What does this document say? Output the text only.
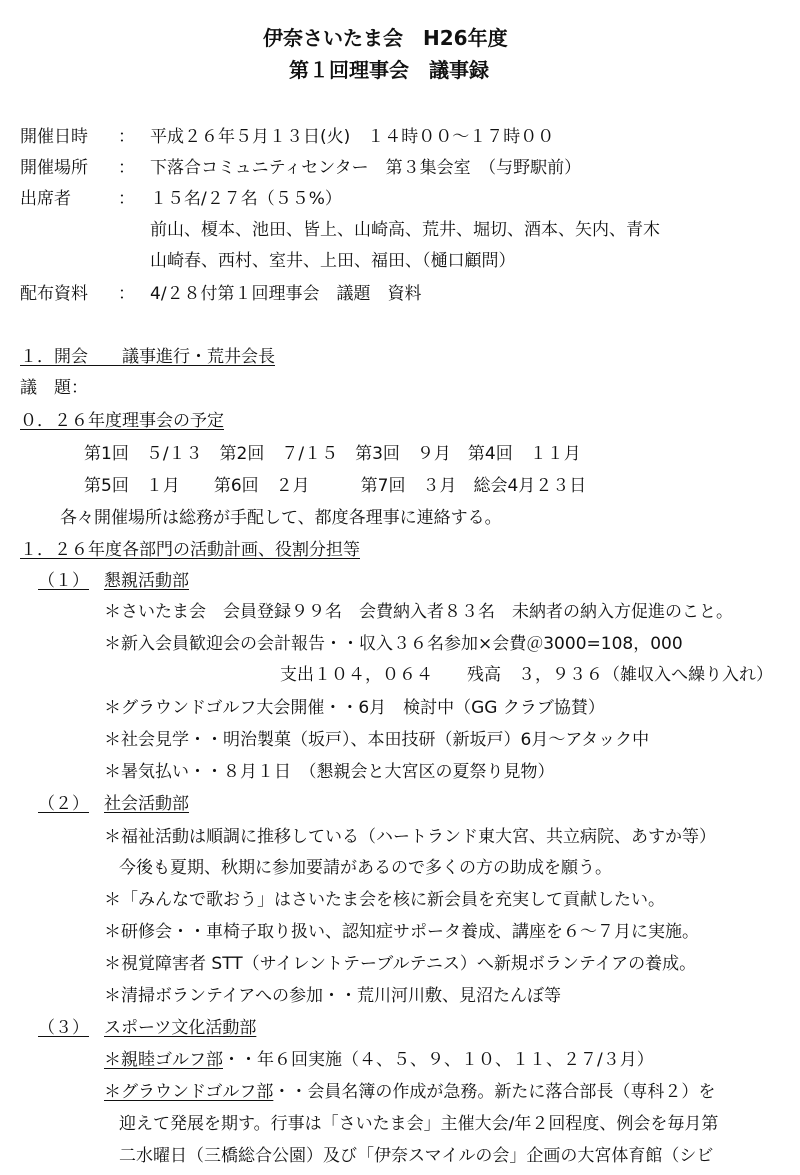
伊奈さいたま会　H26年度
第１回理事会　議事録
開催日時 ： 平成２６年５月１３日(火)　１４時００～１７時００
開催場所 ： 下落合コミュニティセンター　第３集会室　（与野駅前）
出席者	： １５名/２７名（５５%）
前山、榎本、池田、皆上、山崎高、荒井、堀切、酒本、矢内、青木
山崎春、西村、室井、上田、福田、（樋口顧問）
配布資料 ： 4/２８付第１回理事会　議題　資料
１．開会　　議事進行・荒井会長
議　題：
０．２６年度理事会の予定
第1回　５/１３　第2回　７/１５　第3回　９月　第4回　１１月
第5回　１月　　第6回　２月　　　第7回　３月　総会4月２３日
各々開催場所は総務が手配して、都度各理事に連絡する。
１．２６年度各部門の活動計画、役割分担等
（１） 懇親活動部
＊さいたま会　会員登録９９名　会費納入者８３名　未納者の納入方促進のこと。
＊新入会員歓迎会の会計報告・・収入３６名参加×会費＠3000=108，000
支出１０４，０６４　　残高　３，９３６（雑収入へ繰り入れ）
＊グラウンドゴルフ大会開催・・6月　検討中（GG クラブ協賛）
＊社会見学・・明治製菓（坂戸）、本田技研（新坂戸）6月～アタック中
＊暑気払い・・８月１日　（懇親会と大宮区の夏祭り見物）
（２） 社会活動部
＊福祉活動は順調に推移している（ハートランド東大宮、共立病院、あすか等）
今後も夏期、秋期に参加要請があるので多くの方の助成を願う。
＊「みんなで歌おう」はさいたま会を核に新会員を充実して貢献したい。
＊研修会・・車椅子取り扱い、認知症サポータ養成、講座を６～７月に実施。
＊視覚障害者 STT（サイレントテーブルテニス）へ新規ボランテイアの養成。
＊清掃ボランテイアへの参加・・荒川河川敷、見沼たんぼ等
（３） スポーツ文化活動部
＊親睦ゴルフ部・・年６回実施（４、５、９、１０、１１、２７/３月）
＊グラウンドゴルフ部・・会員名簿の作成が急務。新たに落合部長（専科２）を
迎えて発展を期す。行事は「さいたま会」主催大会/年２回程度、例会を毎月第
二水曜日（三橋総合公園）及び「伊奈スマイルの会」企画の大宮体育館（シビ
